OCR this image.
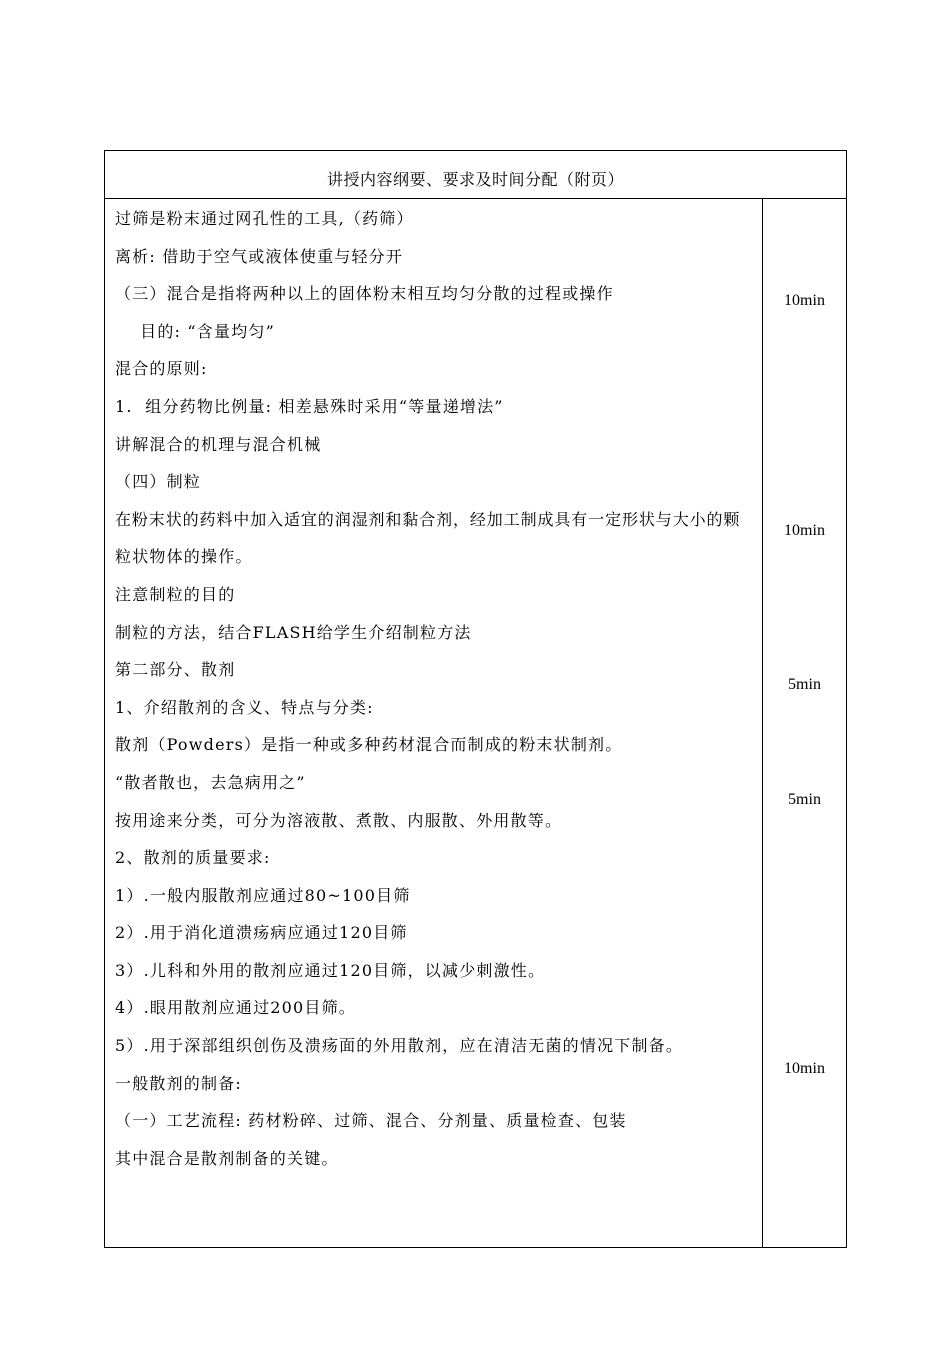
讲授内容纲要、要求及时间分配（附页）
过筛是粉末通过网孔性的工具,（药筛）
离析: 借助于空气或液体使重与轻分开
（三）混合是指将两种以上的固体粉末相互均匀分散的过程或操作
目的: “含量均匀”
混合的原则:
1.  组分药物比例量: 相差悬殊时采用“等量递增法”
讲解混合的机理与混合机械
（四）制粒
在粉末状的药料中加入适宜的润湿剂和黏合剂，经加工制成具有一定形状与大小的颗
粒状物体的操作。
注意制粒的目的
制粒的方法，结合FLASH给学生介绍制粒方法
第二部分、散剂
1、介绍散剂的含义、特点与分类:
散剂（Powders）是指一种或多种药材混合而制成的粉末状制剂。
“散者散也，去急病用之”
按用途来分类，可分为溶液散、煮散、内服散、外用散等。
2、散剂的质量要求:
1）.一般内服散剂应通过80~100目筛
2）.用于消化道溃疡病应通过120目筛
3）.儿科和外用的散剂应通过120目筛，以减少刺激性。
4）.眼用散剂应通过200目筛。
5）.用于深部组织创伤及溃疡面的外用散剂，应在清洁无菌的情况下制备。
一般散剂的制备:
（一）工艺流程: 药材粉碎、过筛、混合、分剂量、质量检查、包装
其中混合是散剂制备的关键。
10min
10min
5min
5min
10min
